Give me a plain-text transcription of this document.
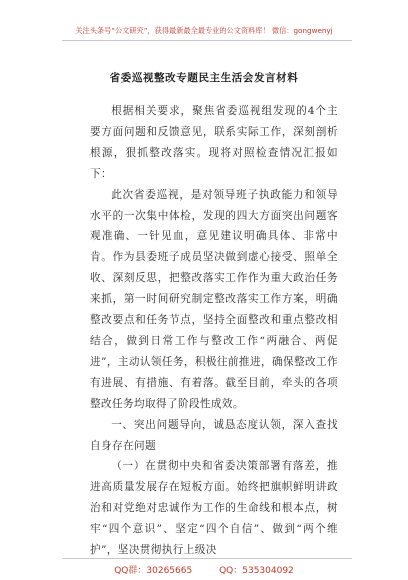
关注头条号“公文研究”，获得最新最全最专业的公文资料库！ 微信：gongwenyj
省委巡视整改专题民主生活会发言材料

根据相关要求，聚焦省委巡视组发现的4个主要方面问题和反馈意见，联系实际工作，深刻剖析根源，狠抓整改落实。现将对照检查情况汇报如下：

此次省委巡视，是对领导班子执政能力和领导水平的一次集中体检，发现的四大方面突出问题客观准确、一针见血，意见建议明确具体、非常中肯。作为县委班子成员坚决做到虚心接受、照单全收、深刻反思，把整改落实工作作为重大政治任务来抓，第一时间研究制定整改落实工作方案，明确整改要点和任务节点，坚持全面整改和重点整改相结合，做到日常工作与整改工作“两融合、两促进”，主动认领任务，积极往前推进，确保整改工作有进展、有措施、有着落。截至目前，牵头的各项整改任务均取得了阶段性成效。

一、突出问题导向，诚恳态度认领，深入查找自身存在问题

（一）在贯彻中央和省委决策部署有落差，推进高质量发展存在短板方面。始终把旗帜鲜明讲政治和对党绝对忠诚作为工作的生命线和根本点，树牢“四个意识”、坚定“四个自信”、做到“两个维护”，坚决贯彻执行上级决

QQ群：30265665	QQ：535304092
